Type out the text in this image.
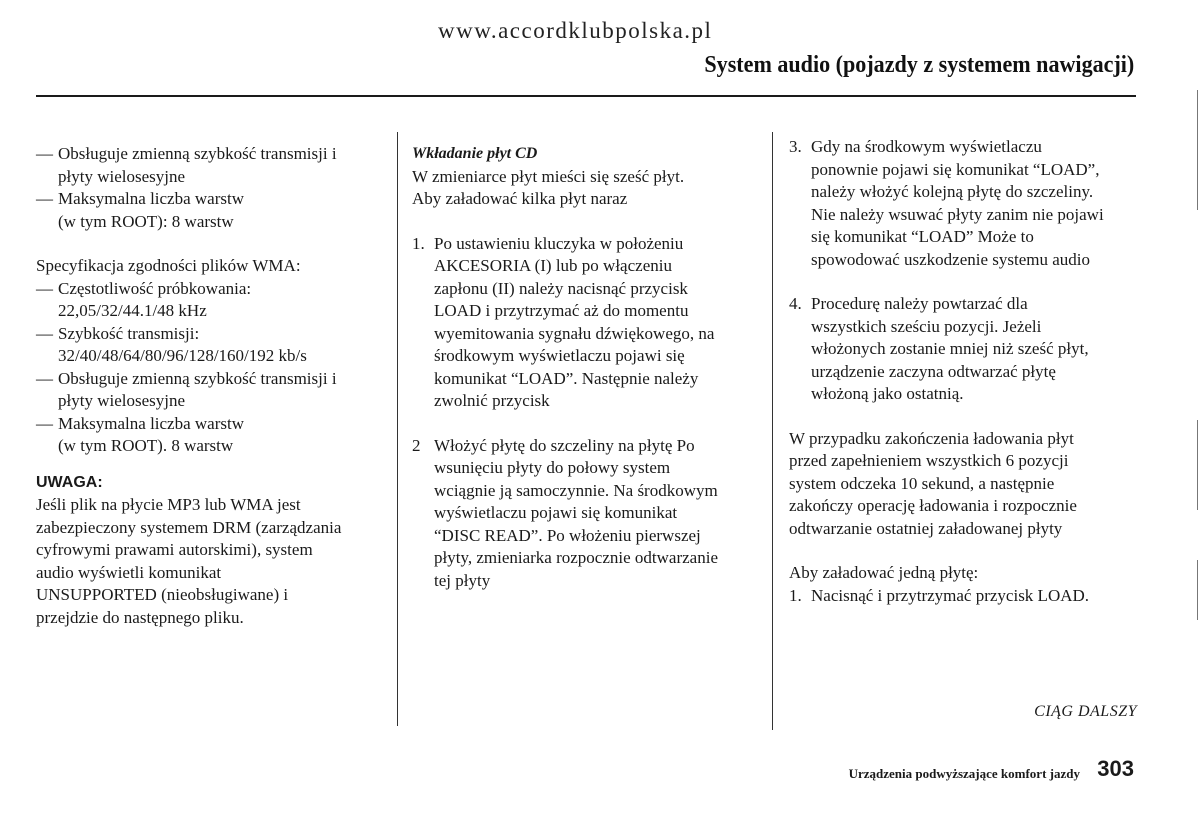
www.accordklubpolska.pl
System audio (pojazdy z systemem nawigacji)
— Obsługuje zmienną szybkość transmisji i
płyty wielosesyjne
— Maksymalna liczba warstw
(w tym ROOT): 8 warstw
Specyfikacja zgodności plików WMA:
— Częstotliwość próbkowania:
22,05/32/44.1/48 kHz
— Szybkość transmisji:
32/40/48/64/80/96/128/160/192 kb/s
— Obsługuje zmienną szybkość transmisji i
płyty wielosesyjne
— Maksymalna liczba warstw
(w tym ROOT). 8 warstw
UWAGA:
Jeśli plik na płycie MP3 lub WMA jest
zabezpieczony systemem DRM (zarządzania
cyfrowymi prawami autorskimi), system
audio wyświetli komunikat
UNSUPPORTED (nieobsługiwane) i
przejdzie do następnego pliku.
Wkładanie płyt CD
W zmieniarce płyt mieści się sześć płyt.
Aby załadować kilka płyt naraz
1. Po ustawieniu kluczyka w położeniu
AKCESORIA (I) lub po włączeniu
zapłonu (II) należy nacisnąć przycisk
LOAD i przytrzymać aż do momentu
wyemitowania sygnału dźwiękowego, na
środkowym wyświetlaczu pojawi się
komunikat “LOAD”. Następnie należy
zwolnić przycisk
2 Włożyć płytę do szczeliny na płytę Po
wsunięciu płyty do połowy system
wciągnie ją samoczynnie. Na środkowym
wyświetlaczu pojawi się komunikat
“DISC READ”. Po włożeniu pierwszej
płyty, zmieniarka rozpocznie odtwarzanie
tej płyty
3. Gdy na środkowym wyświetlaczu
ponownie pojawi się komunikat “LOAD”,
należy włożyć kolejną płytę do szczeliny.
Nie należy wsuwać płyty zanim nie pojawi
się komunikat “LOAD” Może to
spowodować uszkodzenie systemu audio
4. Procedurę należy powtarzać dla
wszystkich sześciu pozycji. Jeżeli
włożonych zostanie mniej niż sześć płyt,
urządzenie zaczyna odtwarzać płytę
włożoną jako ostatnią.
W przypadku zakończenia ładowania płyt
przed zapełnieniem wszystkich 6 pozycji
system odczeka 10 sekund, a następnie
zakończy operację ładowania i rozpocznie
odtwarzanie ostatniej załadowanej płyty
Aby załadować jedną płytę:
1. Nacisnąć i przytrzymać przycisk LOAD.
CIĄG DALSZY
Urządzenia podwyższające komfort jazdy 303
